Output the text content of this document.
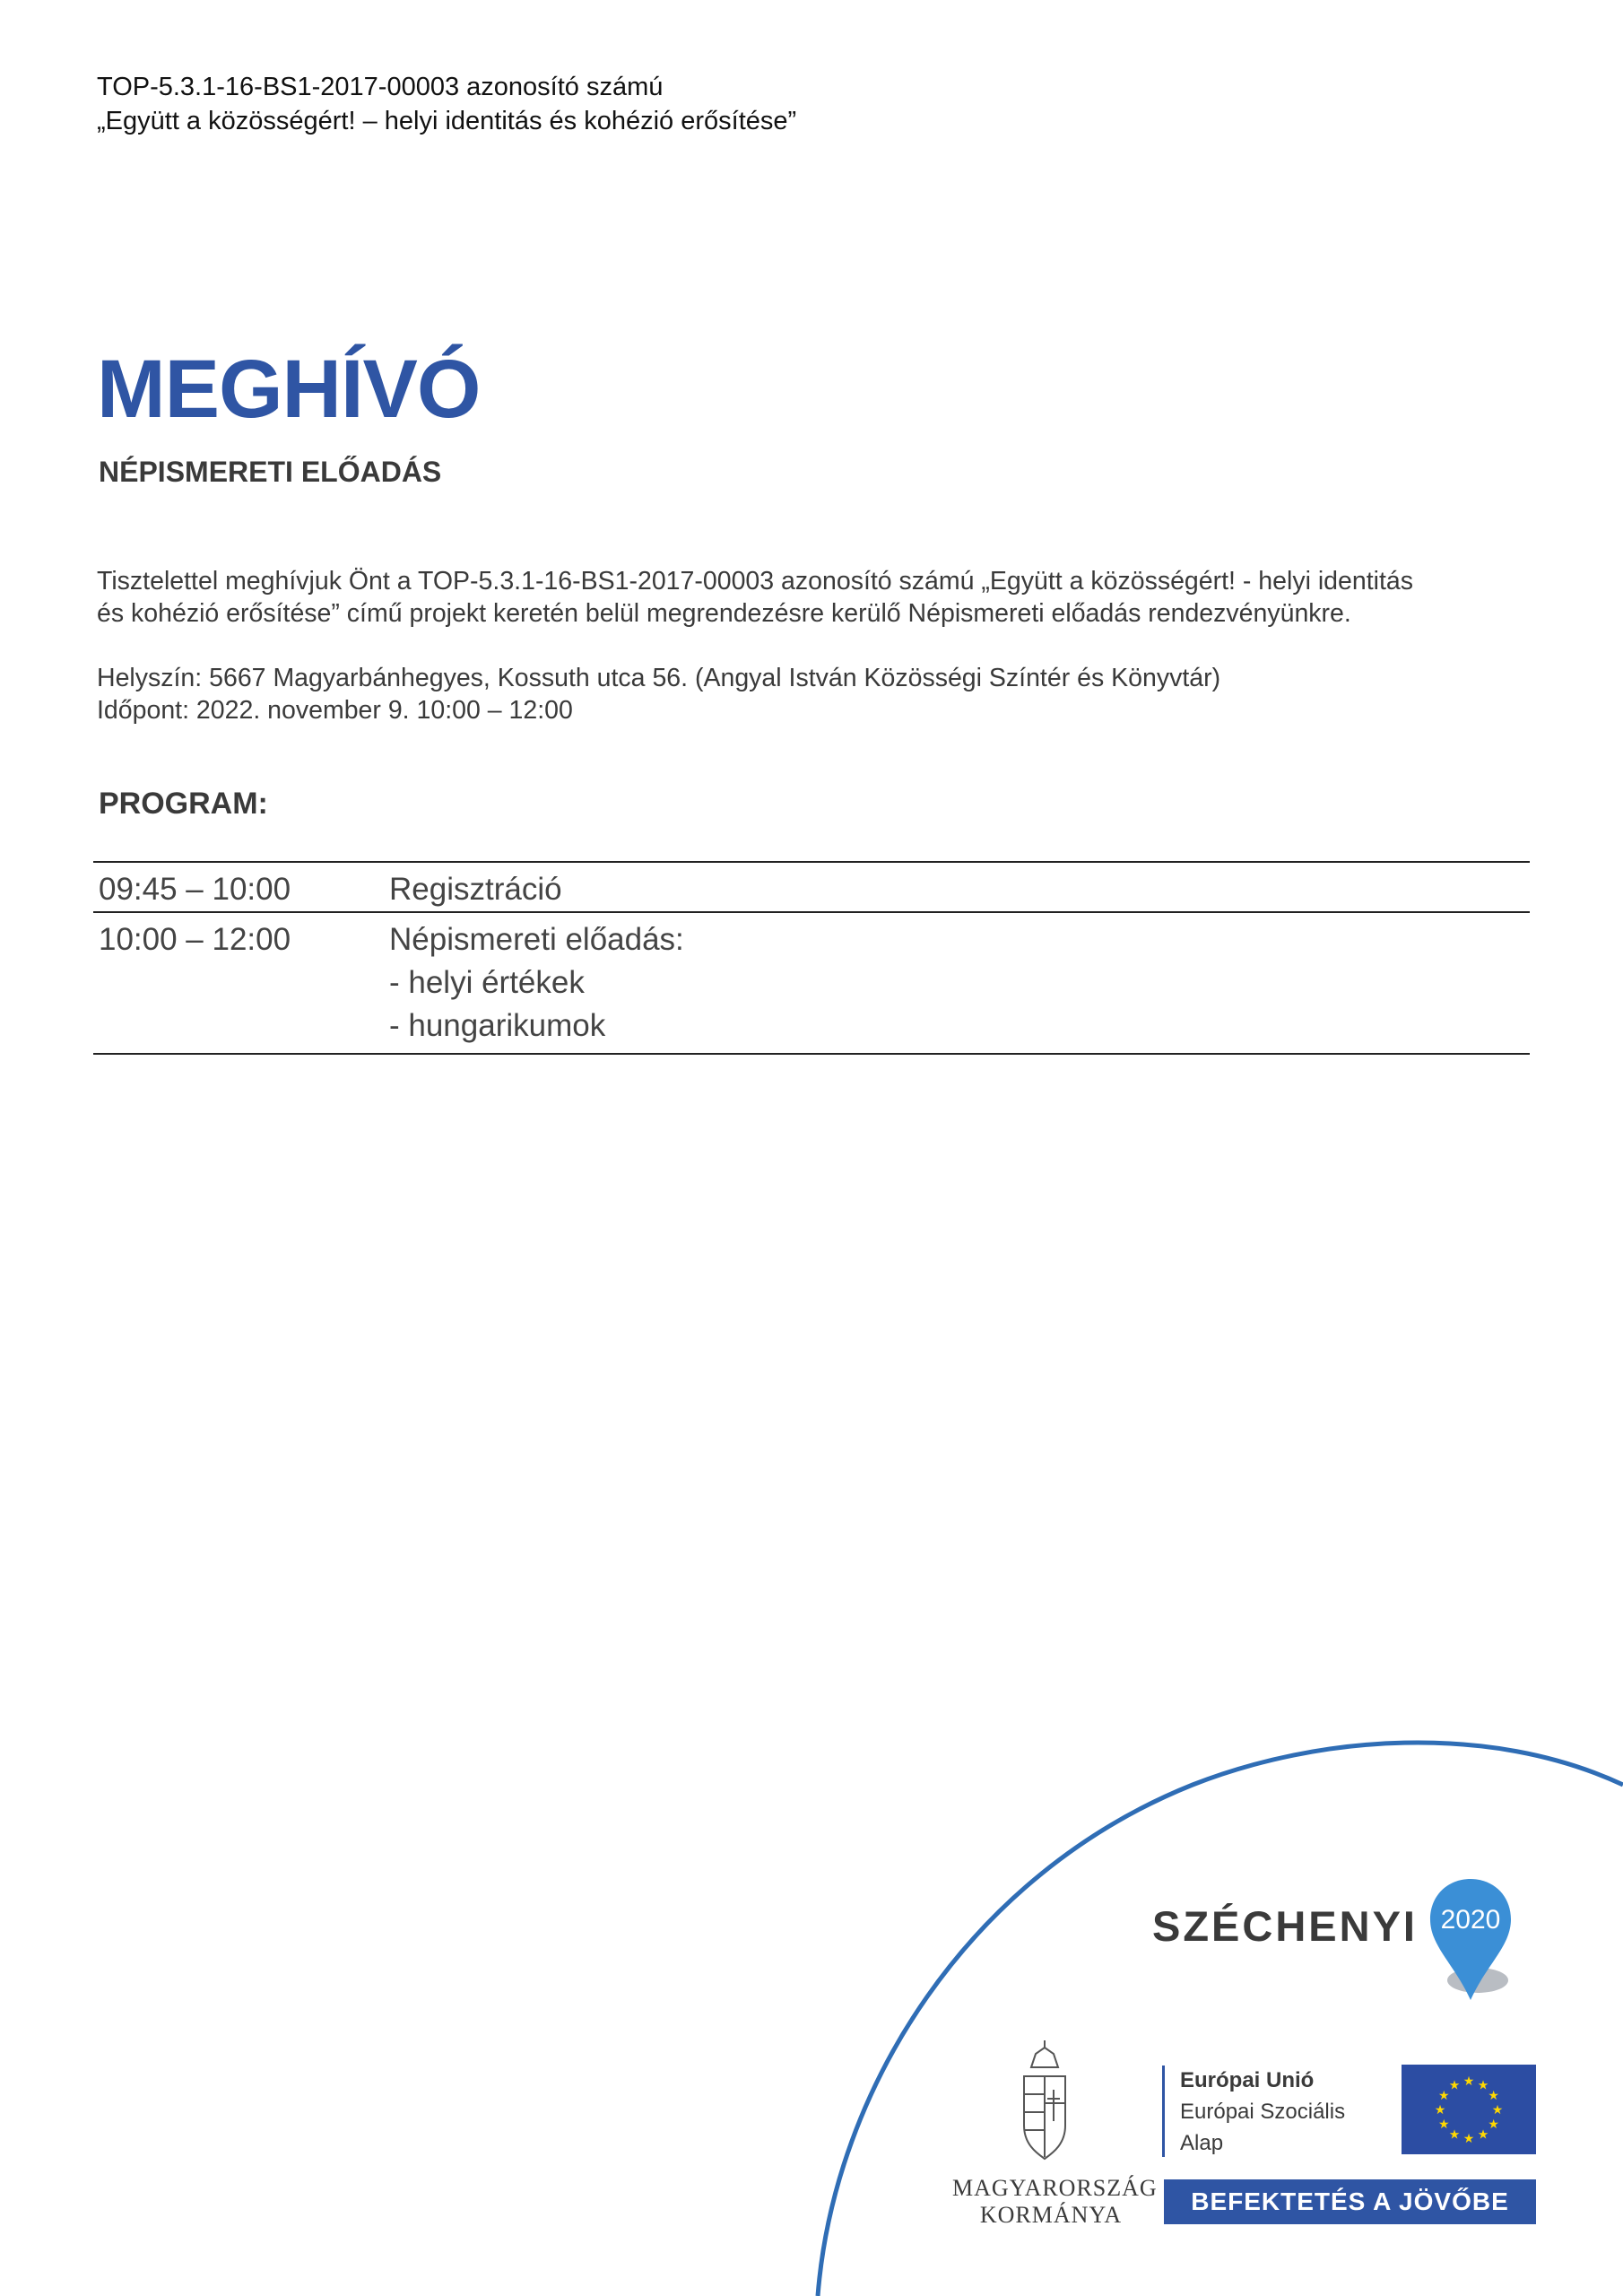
TOP-5.3.1-16-BS1-2017-00003 azonosító számú
„Együtt a közösségért! – helyi identitás és kohézió erősítése”
MEGHÍVÓ
NÉPISMERETI ELŐADÁS
Tisztelettel meghívjuk Önt a TOP-5.3.1-16-BS1-2017-00003 azonosító számú „Együtt a közösségért! - helyi identitás
és kohézió erősítése” című projekt keretén belül megrendezésre kerülő Népismereti előadás rendezvényünkre.
Helyszín: 5667 Magyarbánhegyes, Kossuth utca 56. (Angyal István Közösségi Színtér és Könyvtár)
Időpont: 2022. november 9. 10:00 – 12:00
PROGRAM:
09:45 – 10:00	Regisztráció
10:00 – 12:00	Népismereti előadás:
- helyi értékek
- hungarikumok
SZÉCHENYI 2020
MAGYARORSZÁG
KORMÁNYA
Európai Unió
Európai Szociális
Alap
★
★
★
★
★
★
★
★
★ ★ ★
★
BEFEKTETÉS A JÖVŐBE
